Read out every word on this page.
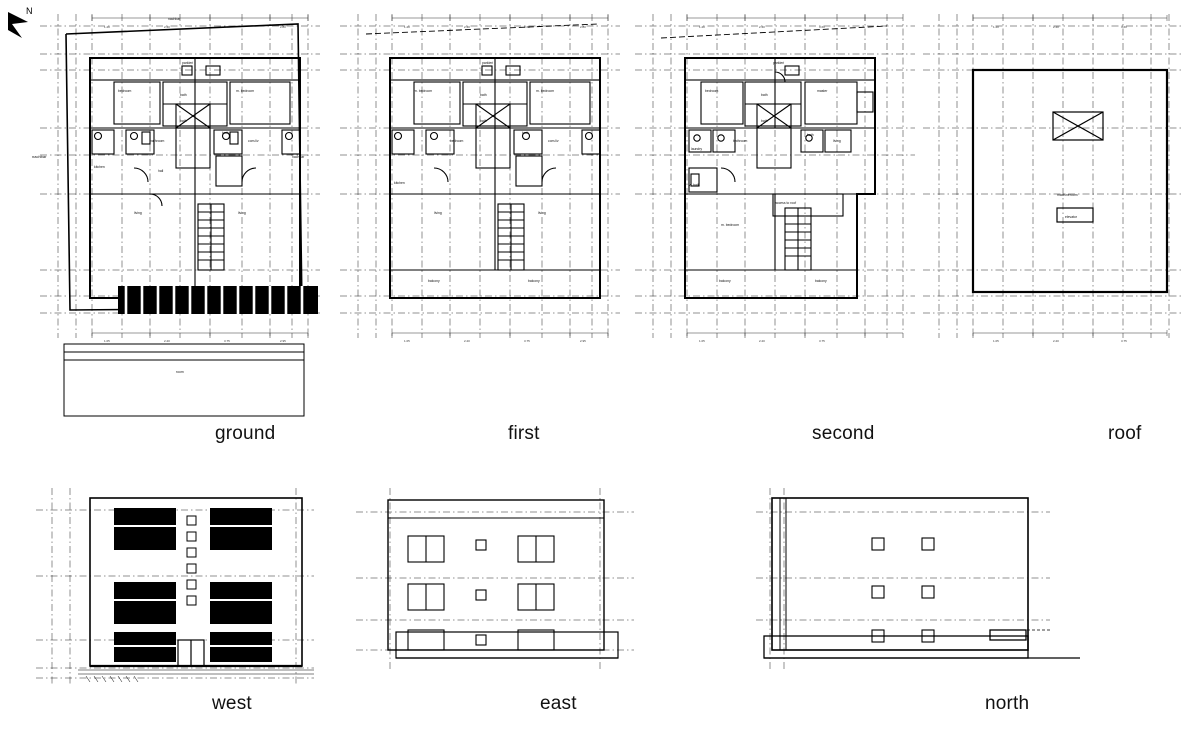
N
nachbar
nachbar	nachbar
parkleri
bedroom
bath
m. bedroom
bath
bath
bathroom	com.liv
kitchen
hall
living	living
room
1.20	2.40	3.60	2.80
1.05	2.20	3.75	2.95
ground
parkleri
m. bedroom
bath
m. bedroom
bath
bath
bedroom	com.liv
kitchen
living	living
balcony	balcony
1.20	2.40	3.60	2.80
1.05	2.20	3.75	2.95
first
parkleri
bedroom
bath
master
bath
bath
bathroom	living
laundry
w. bath
access to roof
m. bedroom
balcony	balcony
1.20	2.40	3.60
1.05	2.20	3.75
second
machineroom
elevator
1.20	2.40	3.60
1.05	2.20	3.75
roof
west	east	north
